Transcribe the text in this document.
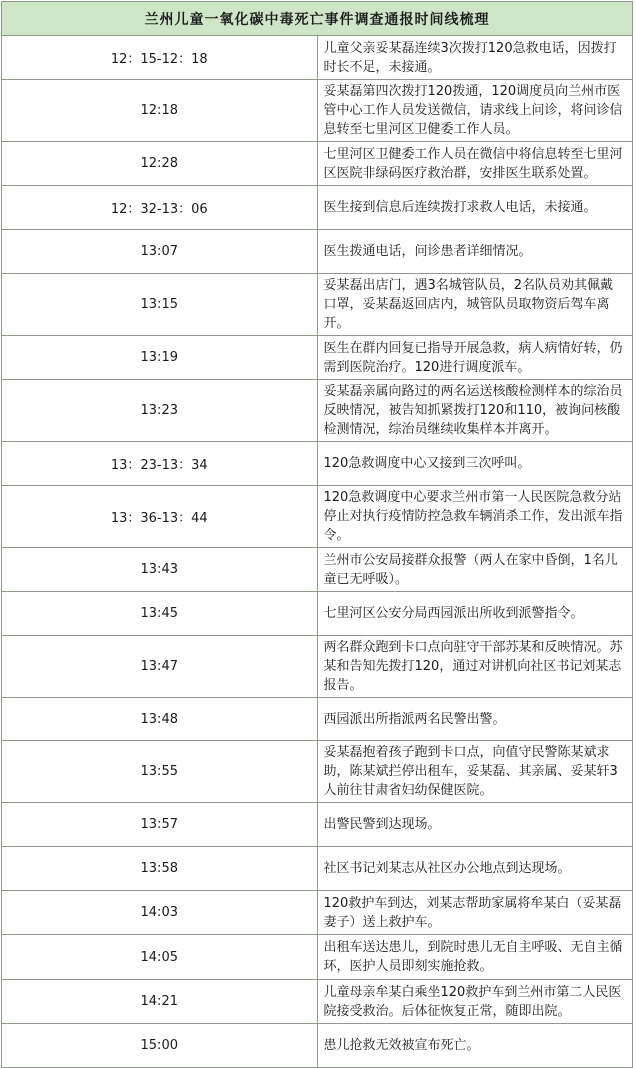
兰州儿童一氧化碳中毒死亡事件调查通报时间线梳理	
12：15-12：18	儿童父亲妥某磊连续3次拨打120急救电话，因拨打时长不足，未接通。
12:18	妥某磊第四次拨打120拨通，120调度员向兰州市医管中心工作人员发送微信，请求线上问诊，将问诊信息转至七里河区卫健委工作人员。
12:28	七里河区卫健委工作人员在微信中将信息转至七里河区医院非绿码医疗救治群，安排医生联系处置。
12：32-13：06	医生接到信息后连续拨打求救人电话，未接通。
13:07	医生拨通电话，问诊患者详细情况。
13:15	妥某磊出店门，遇3名城管队员，2名队员劝其佩戴口罩，妥某磊返回店内，城管队员取物资后驾车离开。
13:19	医生在群内回复已指导开展急救，病人病情好转，仍需到医院治疗。120进行调度派车。
13:23	妥某磊亲属向路过的两名运送核酸检测样本的综治员反映情况，被告知抓紧拨打120和110，被询问核酸检测情况，综治员继续收集样本并离开。
13：23-13：34	120急救调度中心又接到三次呼叫。
13：36-13：44	120急救调度中心要求兰州市第一人民医院急救分站停止对执行疫情防控急救车辆消杀工作，发出派车指令。
13:43	兰州市公安局接群众报警（两人在家中昏倒，1名儿童已无呼吸）。
13:45	七里河区公安分局西园派出所收到派警指令。
13:47	两名群众跑到卡口点向驻守干部苏某和反映情况。苏某和告知先拨打120，通过对讲机向社区书记刘某志报告。
13:48	西园派出所指派两名民警出警。
13:55	妥某磊抱着孩子跑到卡口点，向值守民警陈某斌求助，陈某斌拦停出租车，妥某磊、其亲属、妥某轩3人前往甘肃省妇幼保健医院。
13:57	出警民警到达现场。
13:58	社区书记刘某志从社区办公地点到达现场。
14:03	120救护车到达，刘某志帮助家属将牟某白（妥某磊妻子）送上救护车。
14:05	出租车送达患儿，到院时患儿无自主呼吸、无自主循环，医护人员即刻实施抢救。
14:21	儿童母亲牟某白乘坐120救护车到兰州市第二人民医院接受救治。后体征恢复正常，随即出院。
15:00	患儿抢救无效被宣布死亡。
